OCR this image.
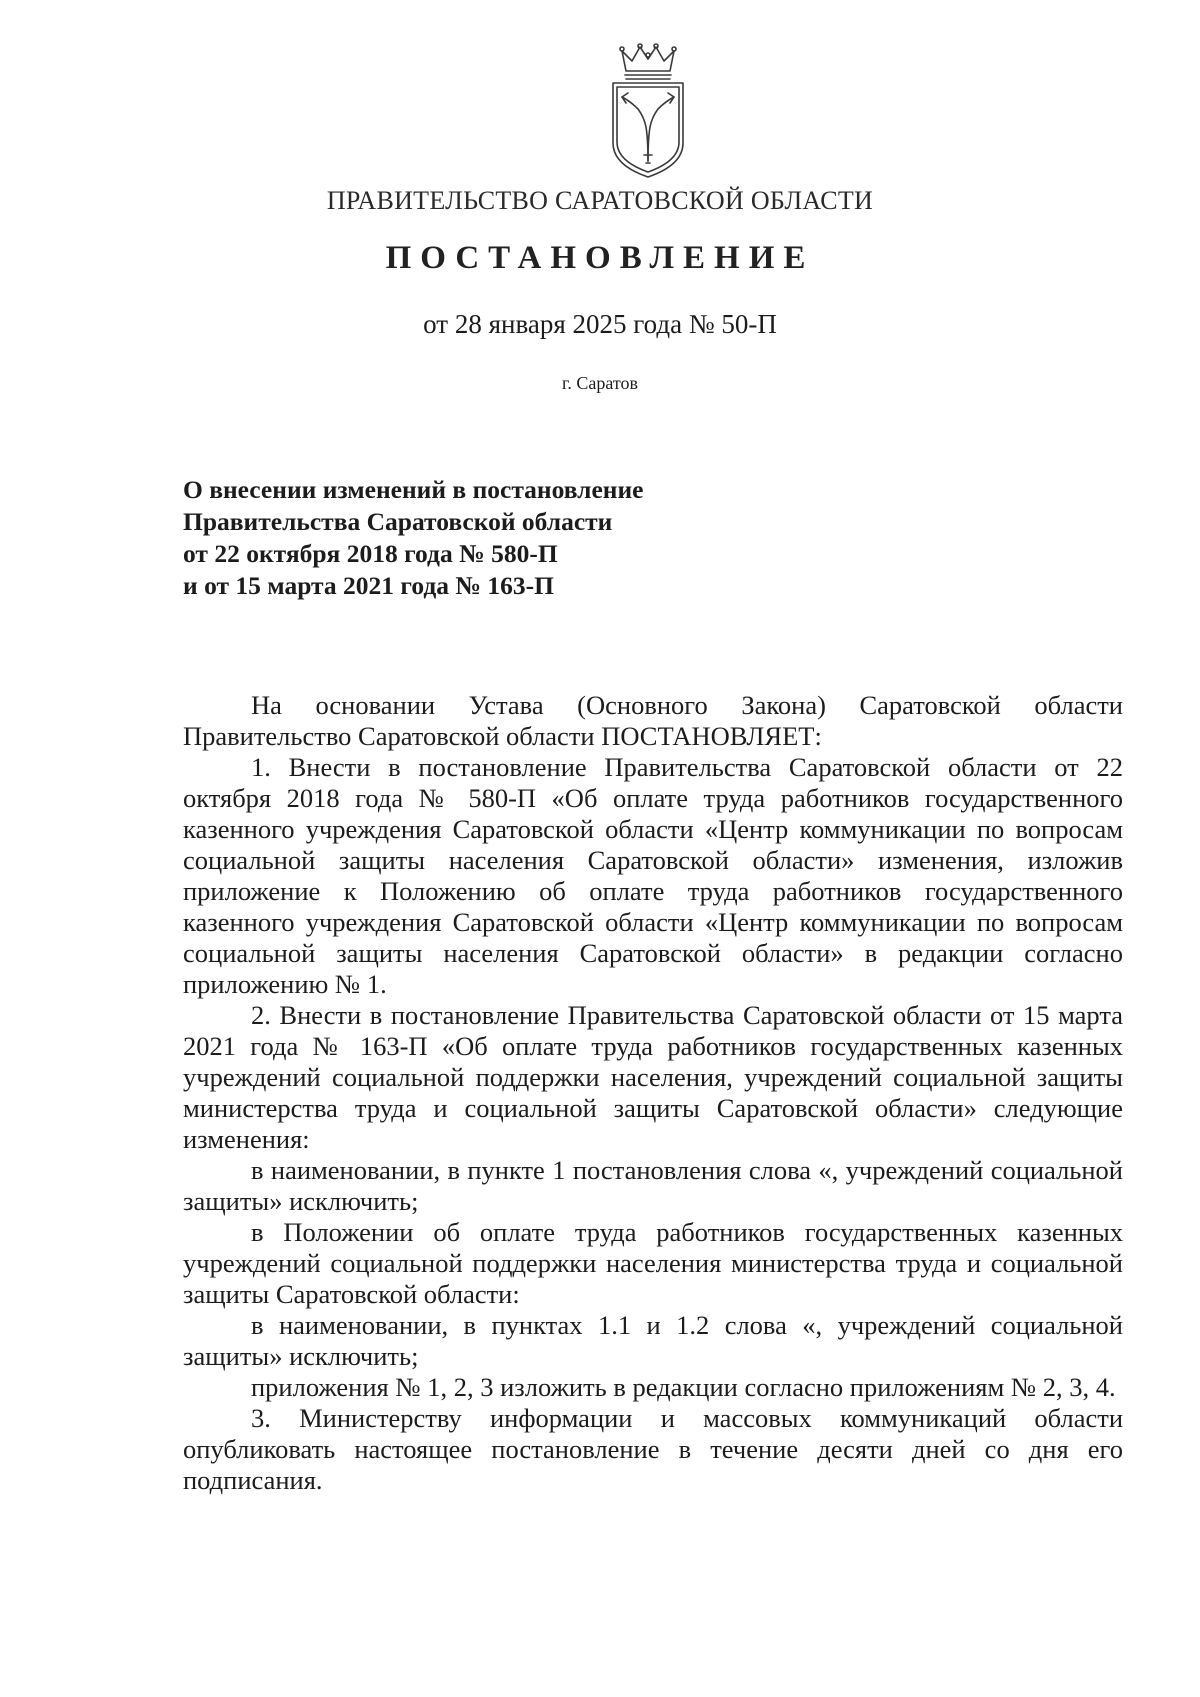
ПРАВИТЕЛЬСТВО САРАТОВСКОЙ ОБЛАСТИ
ПОСТАНОВЛЕНИЕ
от 28 января 2025 года № 50-П
г. Саратов
О внесении изменений в постановление
Правительства Саратовской области
от 22 октября 2018 года № 580-П
и от 15 марта 2021 года № 163-П

На основании Устава (Основного Закона) Саратовской области Правительство Саратовской области ПОСТАНОВЛЯЕТ:

1. Внести в постановление Правительства Саратовской области от 22 октября 2018 года № 580-П «Об оплате труда работников государственного казенного учреждения Саратовской области «Центр коммуникации по вопросам социальной защиты населения Саратовской области» изменения, изложив приложение к Положению об оплате труда работников государственного казенного учреждения Саратовской области «Центр коммуникации по вопросам социальной защиты населения Саратовской области» в редакции согласно приложению № 1.

2. Внести в постановление Правительства Саратовской области от 15 марта 2021 года № 163-П «Об оплате труда работников государственных казенных учреждений социальной поддержки населения, учреждений социальной защиты министерства труда и социальной защиты Саратовской области» следующие изменения:

в наименовании, в пункте 1 постановления слова «, учреждений социальной защиты» исключить;

в Положении об оплате труда работников государственных казенных учреждений социальной поддержки населения министерства труда и социальной защиты Саратовской области:

в наименовании, в пунктах 1.1 и 1.2 слова «, учреждений социальной защиты» исключить;

приложения № 1, 2, 3 изложить в редакции согласно приложениям № 2, 3, 4.

3. Министерству информации и массовых коммуникаций области опубликовать настоящее постановление в течение десяти дней со дня его подписания.
